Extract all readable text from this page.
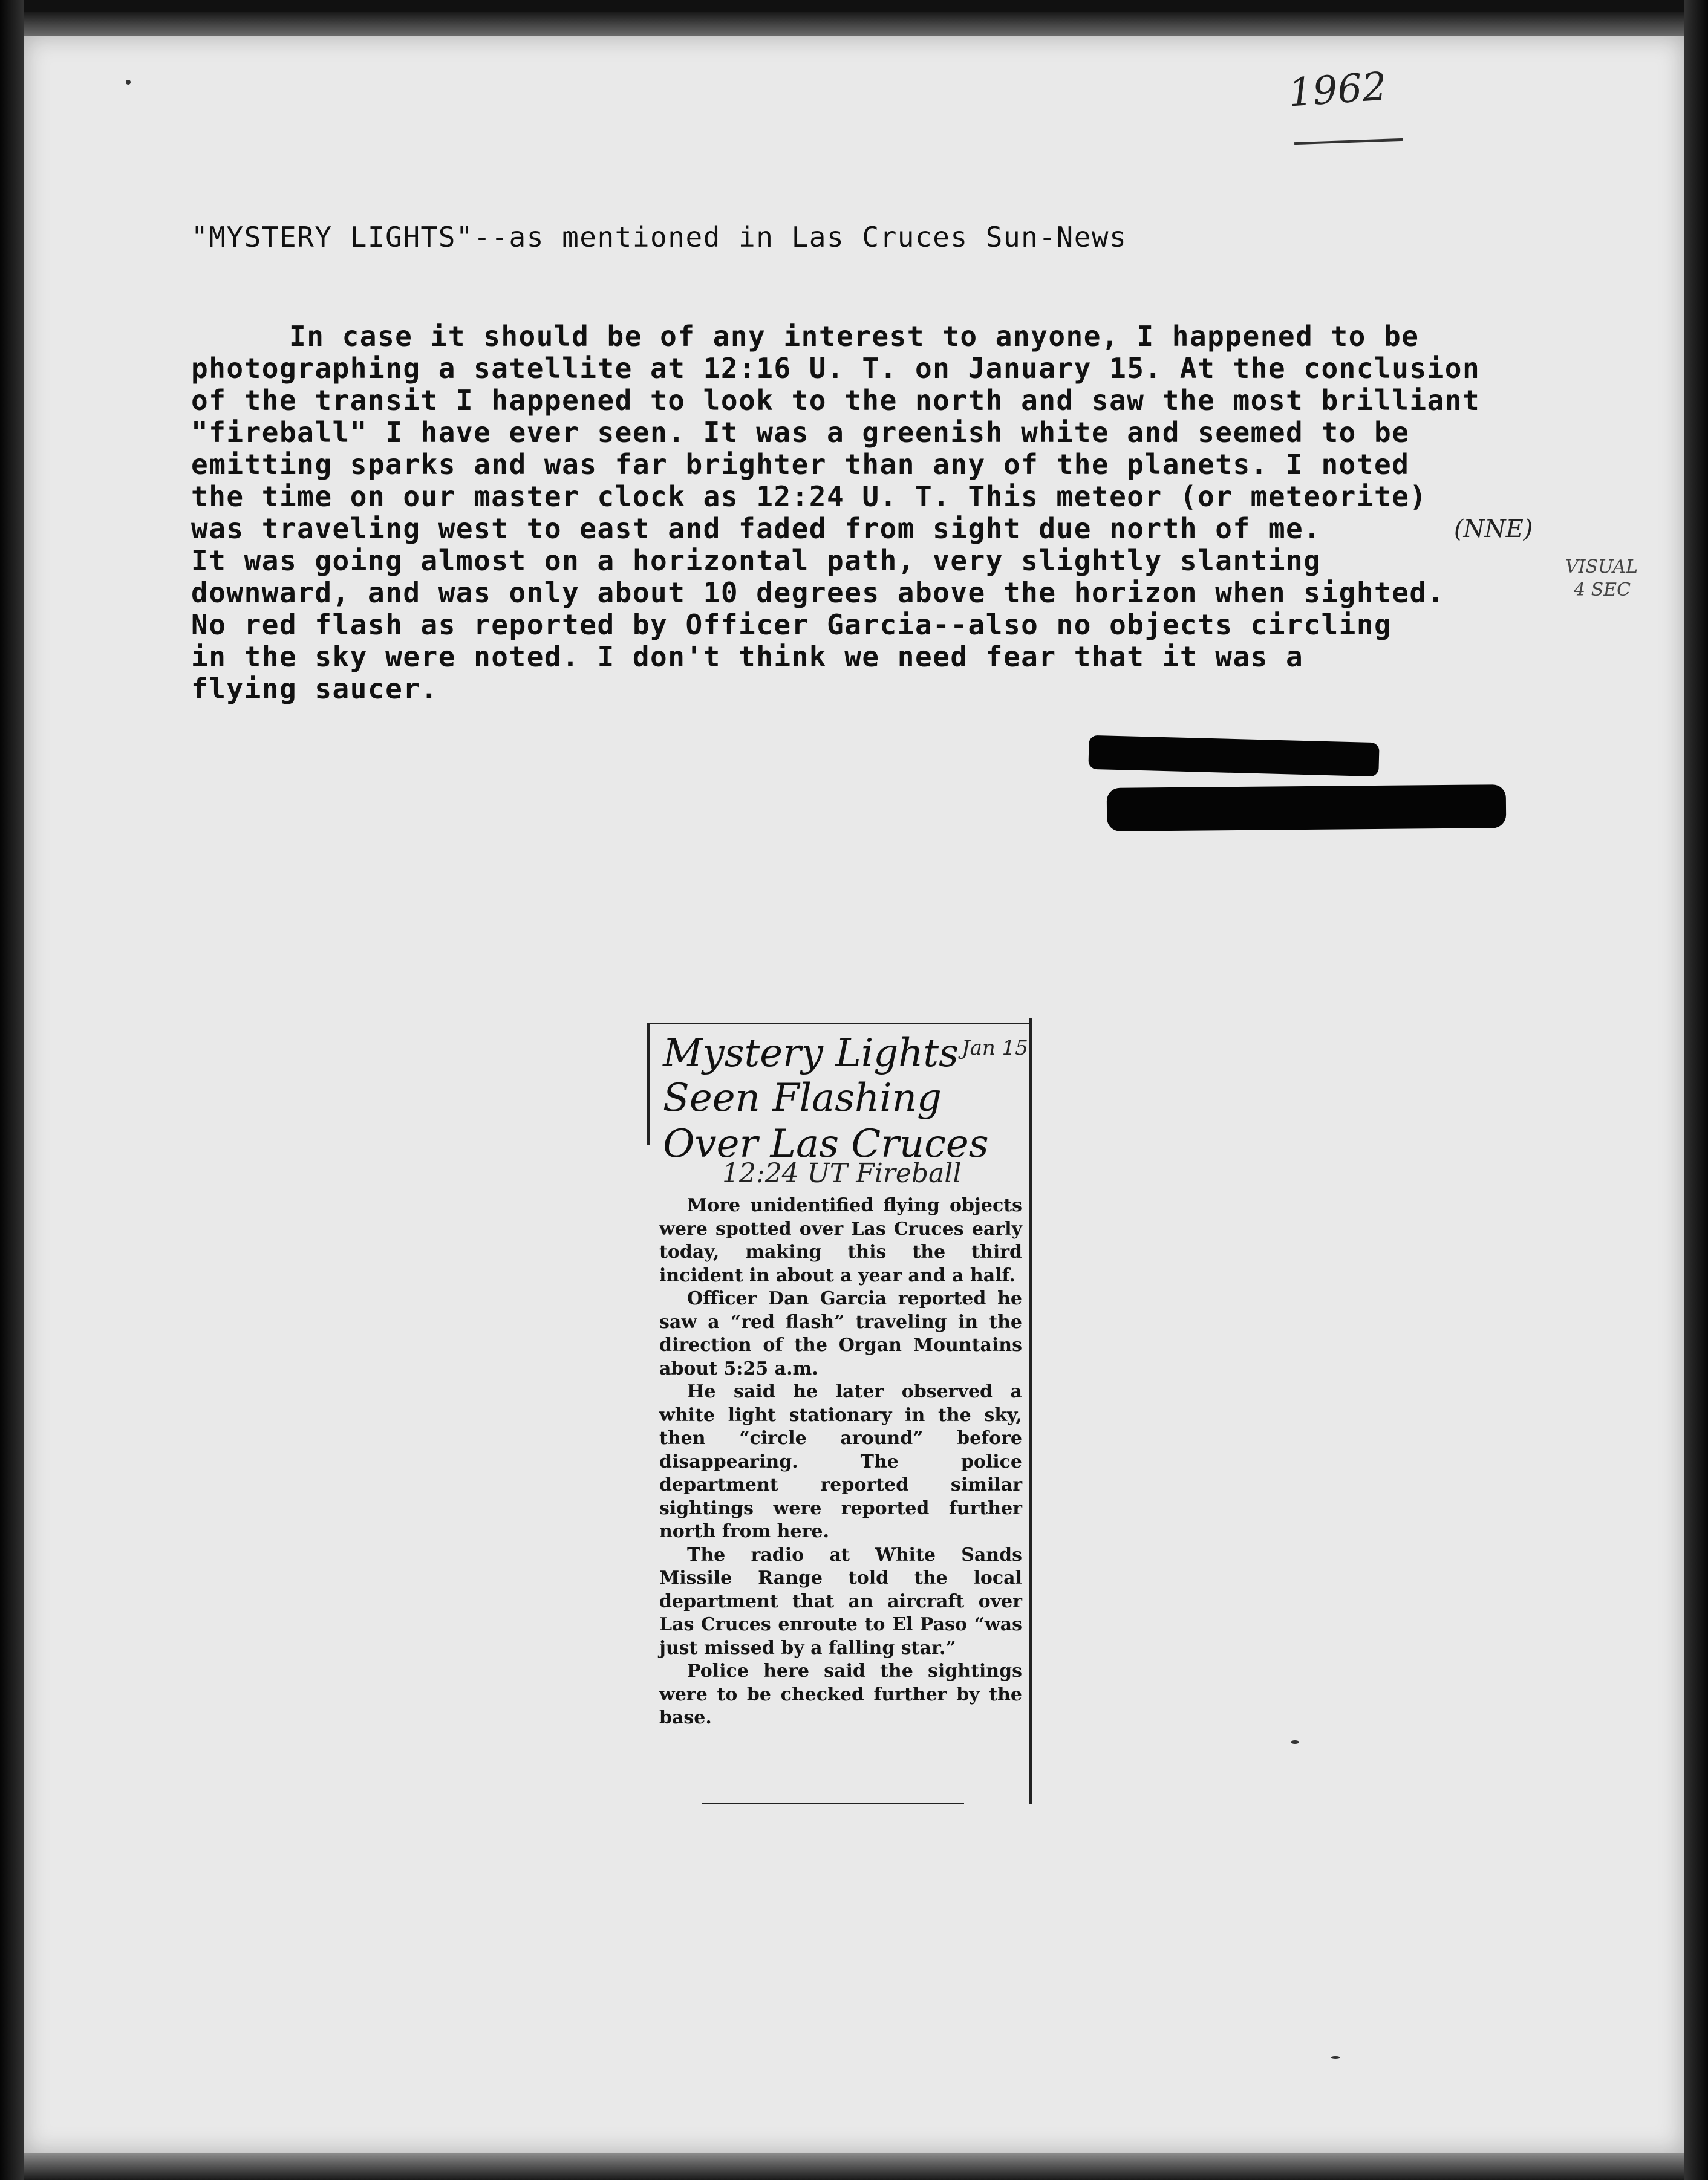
1962
"MYSTERY LIGHTS"--as mentioned in Las Cruces Sun-News
In case it should be of any interest to anyone, I happened to be
photographing a satellite at 12:16 U. T. on January 15. At the conclusion
of the transit I happened to look to the north and saw the most brilliant
"fireball" I have ever seen. It was a greenish white and seemed to be
emitting sparks and was far brighter than any of the planets. I noted
the time on our master clock as 12:24 U. T. This meteor (or meteorite)
was traveling west to east and faded from sight due north of me.
It was going almost on a horizontal path, very slightly slanting
downward, and was only about 10 degrees above the horizon when sighted.
No red flash as reported by Officer Garcia--also no objects circling
in the sky were noted. I don't think we need fear that it was a
flying saucer.
(NNE)
VISUAL
4 SEC
Mystery Lights
Seen Flashing
Over Las Cruces
Jan 15
12:24 UT Fireball

More unidentified flying objects were spotted over Las Cruces early today, making this the third incident in about a year and a half.

Officer Dan Garcia reported he saw a “red flash” traveling in the direction of the Organ Mountains about 5:25 a.m.

He said he later observed a white light stationary in the sky, then “circle around” before disappearing. The police department reported similar sightings were reported further north from here.

The radio at White Sands Missile Range told the local department that an aircraft over Las Cruces enroute to El Paso “was just missed by a falling star.”

Police here said the sightings were to be checked further by the base.
